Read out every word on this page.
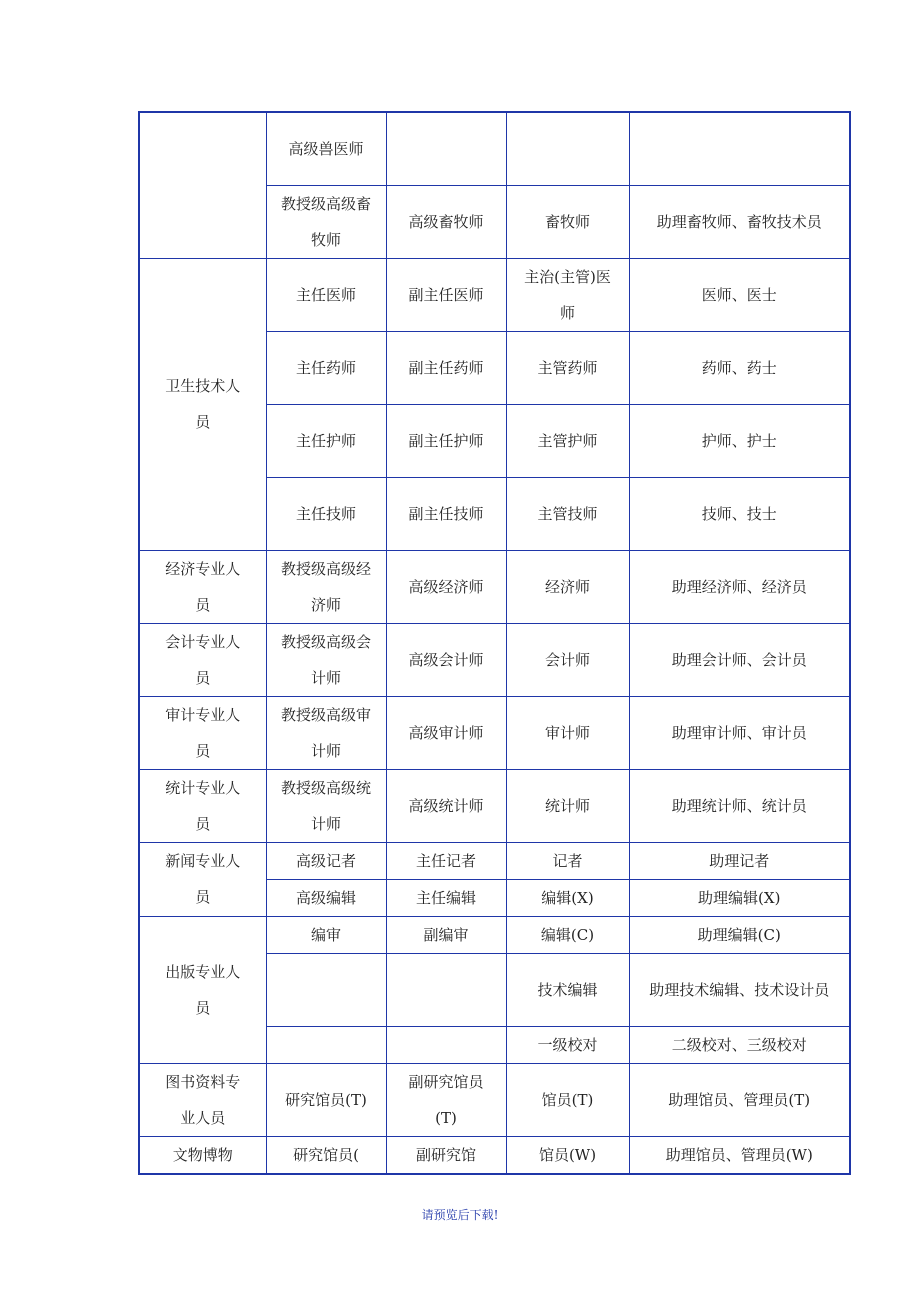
	高级兽医师			
	教授级高级畜牧师	高级畜牧师	畜牧师	助理畜牧师、畜牧技术员
卫生技术人员	主任医师	副主任医师	主治(主管)医师	医师、医士
	主任药师	副主任药师	主管药师	药师、药士
	主任护师	副主任护师	主管护师	护师、护士
	主任技师	副主任技师	主管技师	技师、技士
经济专业人员	教授级高级经济师	高级经济师	经济师	助理经济师、经济员
会计专业人员	教授级高级会计师	高级会计师	会计师	助理会计师、会计员
审计专业人员	教授级高级审计师	高级审计师	审计师	助理审计师、审计员
统计专业人员	教授级高级统计师	高级统计师	统计师	助理统计师、统计员
新闻专业人员	高级记者	主任记者	记者	助理记者
	高级编辑	主任编辑	编辑(X)	助理编辑(X)
出版专业人员	编审	副编审	编辑(C)	助理编辑(C)
			技术编辑	助理技术编辑、技术设计员
			一级校对	二级校对、三级校对
图书资料专业人员	研究馆员(T)	副研究馆员(T)	馆员(T)	助理馆员、管理员(T)
文物博物	研究馆员(	副研究馆	馆员(W)	助理馆员、管理员(W)
请预览后下载!
